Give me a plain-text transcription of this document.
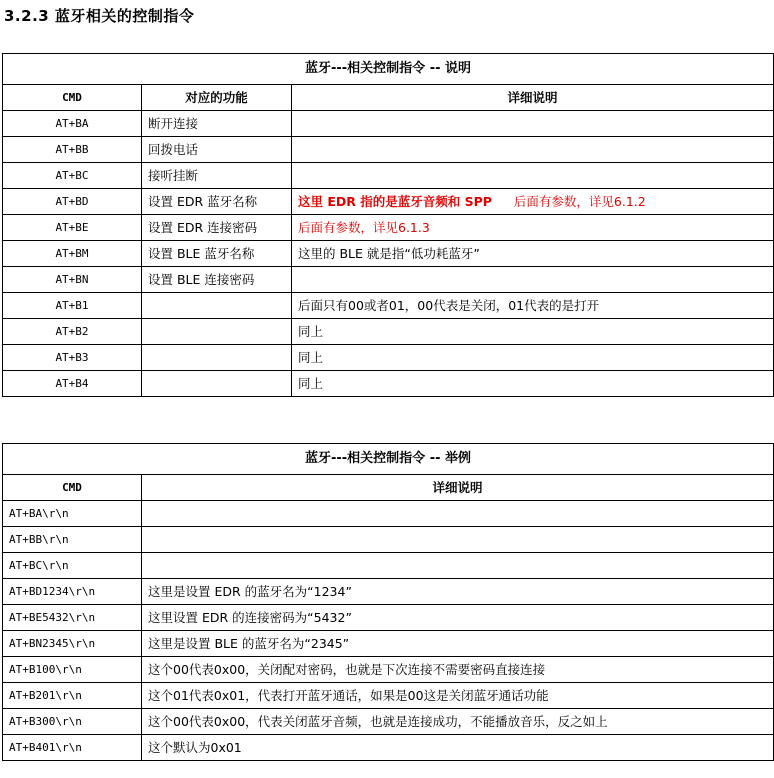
3.2.3 蓝牙相关的控制指令
蓝牙---相关控制指令 -- 说明		
CMD	对应的功能	详细说明
AT+BA	断开连接	
AT+BB	回拨电话	
AT+BC	接听挂断	
AT+BD	设置 EDR 蓝牙名称	这里 EDR 指的是蓝牙音频和 SPP 后面有参数，详见6.1.2
AT+BE	设置 EDR 连接密码	后面有参数，详见6.1.3
AT+BM	设置 BLE 蓝牙名称	这里的 BLE 就是指“低功耗蓝牙”
AT+BN	设置 BLE 连接密码	
AT+B1		后面只有00或者01，00代表是关闭，01代表的是打开
AT+B2		同上
AT+B3		同上
AT+B4		同上
蓝牙---相关控制指令 -- 举例	
CMD	详细说明
AT+BA\r\n	
AT+BB\r\n	
AT+BC\r\n	
AT+BD1234\r\n	这里是设置 EDR 的蓝牙名为“1234”
AT+BE5432\r\n	这里设置 EDR 的连接密码为“5432”
AT+BN2345\r\n	这里是设置 BLE 的蓝牙名为“2345”
AT+B100\r\n	这个00代表0x00，关闭配对密码，也就是下次连接不需要密码直接连接
AT+B201\r\n	这个01代表0x01，代表打开蓝牙通话，如果是00这是关闭蓝牙通话功能
AT+B300\r\n	这个00代表0x00，代表关闭蓝牙音频，也就是连接成功，不能播放音乐，反之如上
AT+B401\r\n	这个默认为0x01
